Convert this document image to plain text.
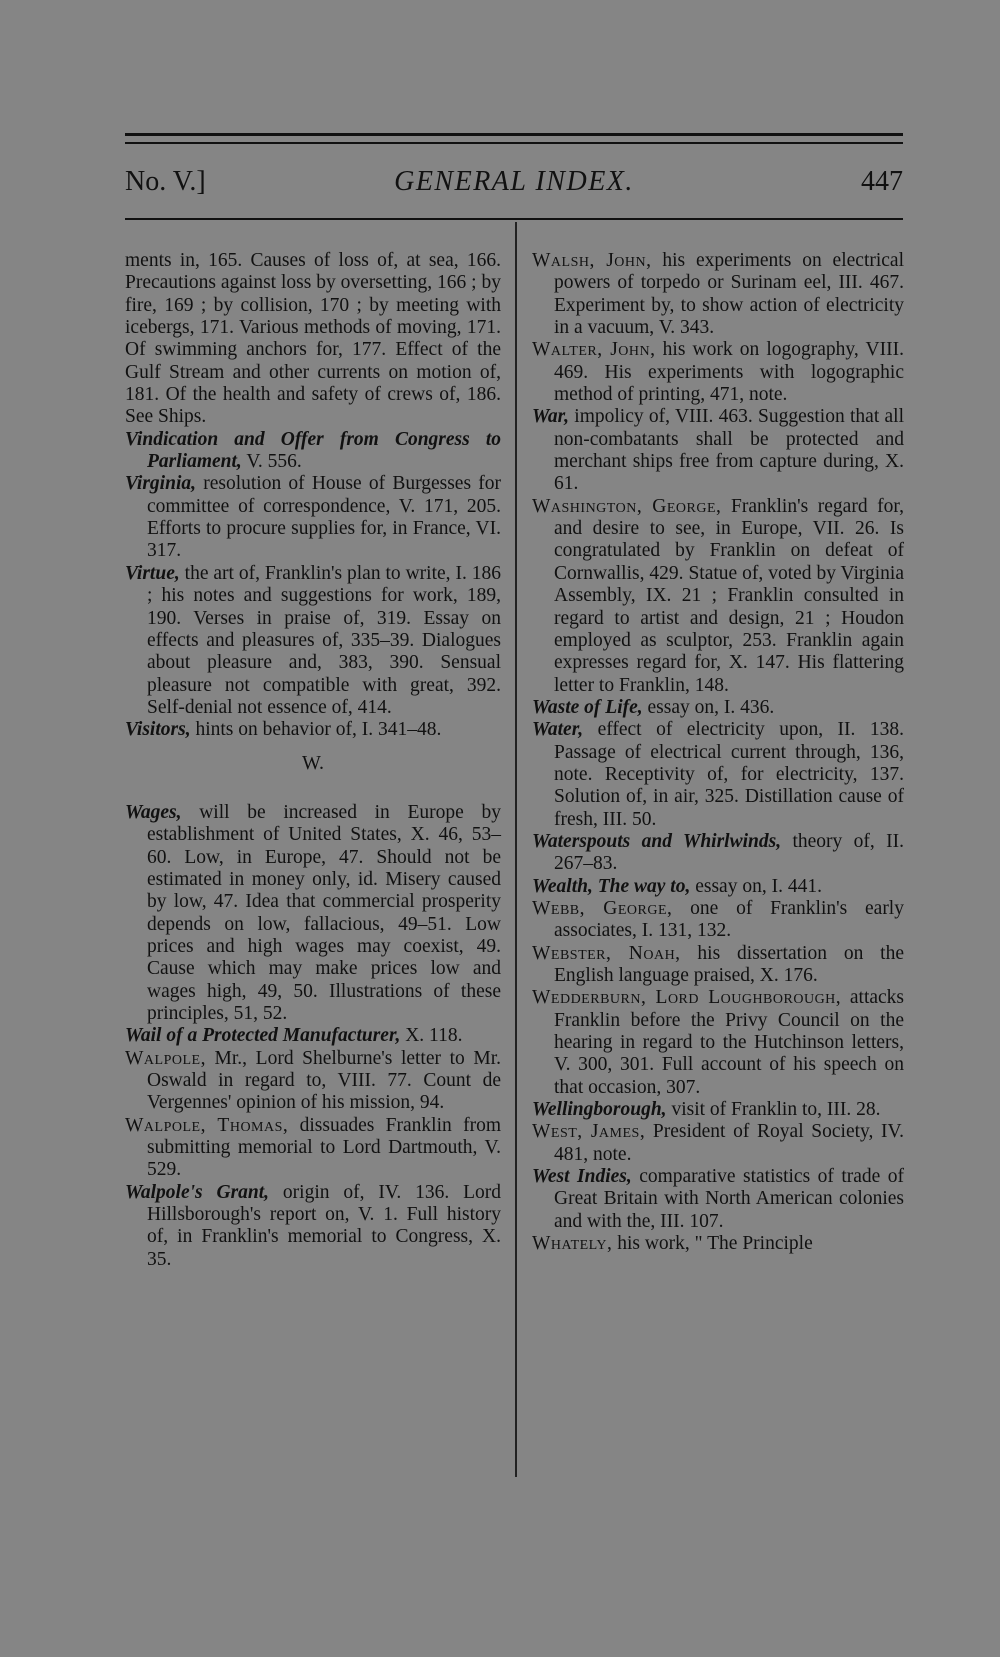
No. V.]	GENERAL INDEX.	447

ments in, 165. Causes of loss of, at sea, 166. Precautions against loss by oversetting, 166 ; by fire, 169 ; by collision, 170 ; by meeting with icebergs, 171. Various methods of moving, 171. Of swimming anchors for, 177. Effect of the Gulf Stream and other currents on motion of, 181. Of the health and safety of crews of, 186. See Ships.

Vindication and Offer from Congress to Parliament, V. 556.

Virginia, resolution of House of Burgesses for committee of correspondence, V. 171, 205. Efforts to procure supplies for, in France, VI. 317.

Virtue, the art of, Franklin's plan to write, I. 186 ; his notes and suggestions for work, 189, 190. Verses in praise of, 319. Essay on effects and pleasures of, 335–39. Dialogues about pleasure and, 383, 390. Sensual pleasure not compatible with great, 392. Self-denial not essence of, 414.

Visitors, hints on behavior of, I. 341–48.

W.

Wages, will be increased in Europe by establishment of United States, X. 46, 53–60. Low, in Europe, 47. Should not be estimated in money only, id. Misery caused by low, 47. Idea that commercial prosperity depends on low, fallacious, 49–51. Low prices and high wages may coexist, 49. Cause which may make prices low and wages high, 49, 50. Illustrations of these principles, 51, 52.

Wail of a Protected Manufacturer, X. 118.

Walpole, Mr., Lord Shelburne's letter to Mr. Oswald in regard to, VIII. 77. Count de Vergennes' opinion of his mission, 94.

Walpole, Thomas, dissuades Franklin from submitting memorial to Lord Dartmouth, V. 529.

Walpole's Grant, origin of, IV. 136. Lord Hillsborough's report on, V. 1. Full history of, in Franklin's memorial to Congress, X. 35.

Walsh, John, his experiments on electrical powers of torpedo or Surinam eel, III. 467. Experiment by, to show action of electricity in a vacuum, V. 343.

Walter, John, his work on logography, VIII. 469. His experiments with logographic method of printing, 471, note.

War, impolicy of, VIII. 463. Suggestion that all non-combatants shall be protected and merchant ships free from capture during, X. 61.

Washington, George, Franklin's regard for, and desire to see, in Europe, VII. 26. Is congratulated by Franklin on defeat of Cornwallis, 429. Statue of, voted by Virginia Assembly, IX. 21 ; Franklin consulted in regard to artist and design, 21 ; Houdon employed as sculptor, 253. Franklin again expresses regard for, X. 147. His flattering letter to Franklin, 148.

Waste of Life, essay on, I. 436.

Water, effect of electricity upon, II. 138. Passage of electrical current through, 136, note. Receptivity of, for electricity, 137. Solution of, in air, 325. Distillation cause of fresh, III. 50.

Waterspouts and Whirlwinds, theory of, II. 267–83.

Wealth, The way to, essay on, I. 441.

Webb, George, one of Franklin's early associates, I. 131, 132.

Webster, Noah, his dissertation on the English language praised, X. 176.

Wedderburn, Lord Loughborough, attacks Franklin before the Privy Council on the hearing in regard to the Hutchinson letters, V. 300, 301. Full account of his speech on that occasion, 307.

Wellingborough, visit of Franklin to, III. 28.

West, James, President of Royal Society, IV. 481, note.

West Indies, comparative statistics of trade of Great Britain with North American colonies and with the, III. 107.

Whately, his work, " The Principle
